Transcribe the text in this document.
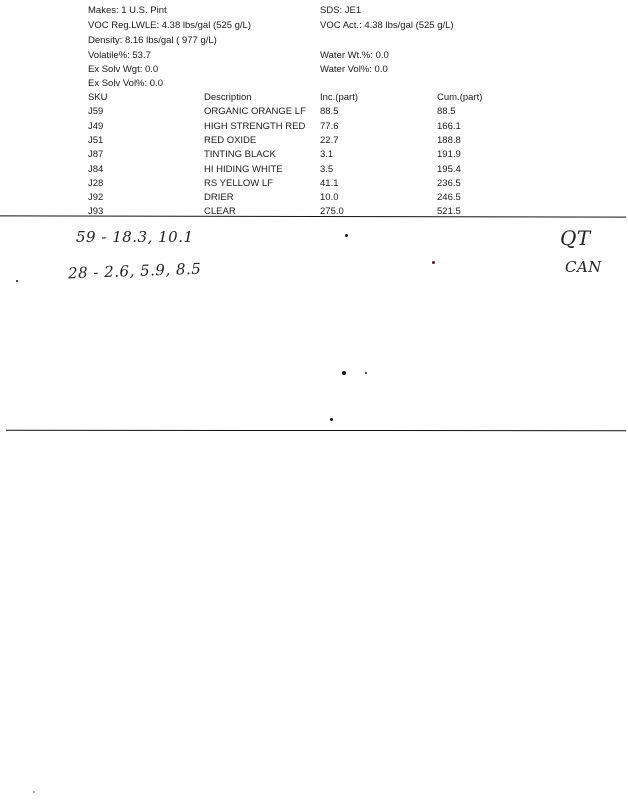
Makes: 1 U.S. Pint	SDS: JE1
VOC Reg.LWLE: 4.38 lbs/gal (525 g/L)	VOC Act.: 4.38 lbs/gal (525 g/L)
Density: 8.16 lbs/gal ( 977 g/L)
Volatile%: 53.7	Water Wt.%: 0.0
Ex Solv Wgt: 0.0	Water Vol%: 0.0
Ex Solv Vol%: 0.0
SKU	Description	Inc.(part)	Cum.(part)
J59	ORGANIC ORANGE LF 88.5	88.5
J49	HIGH STRENGTH RED 77.6	166.1
J51	RED OXIDE	22.7	188.8
J87	TINTING BLACK	3.1	191.9
J84	HI HIDING WHITE	3.5	195.4
J28	RS YELLOW LF	41.1	236.5
J92	DRIER	10.0	246.5
J93	CLEAR	275.0	521.5
59 - 18.3, 10.1
28 - 2.6, 5.9, 8.5
QT
CAN
